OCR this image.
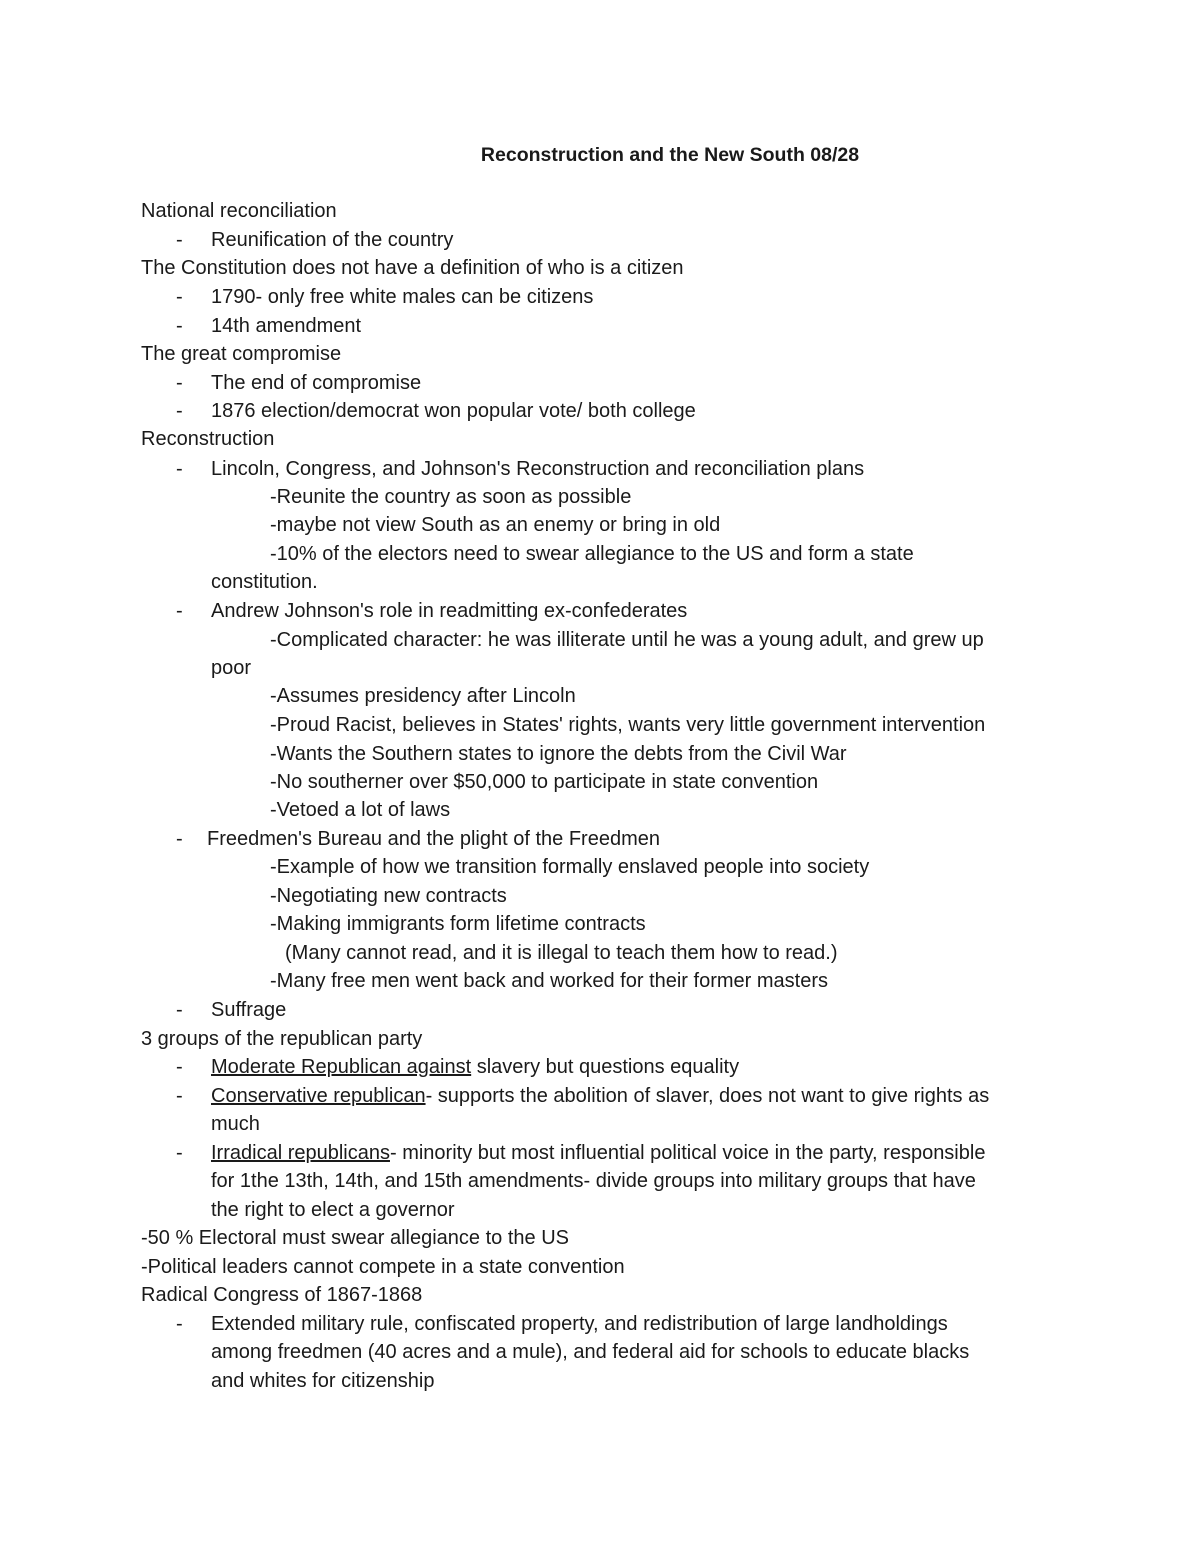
Reconstruction and the New South 08/28
National reconciliation
- Reunification of the country
The Constitution does not have a definition of who is a citizen
- 1790- only free white males can be citizens
- 14th amendment
The great compromise
- The end of compromise
- 1876 election/democrat won popular vote/ both college
Reconstruction
- Lincoln, Congress, and Johnson's Reconstruction and reconciliation plans
-Reunite the country as soon as possible
-maybe not view South as an enemy or bring in old
-10% of the electors need to swear allegiance to the US and form a state
constitution.
- Andrew Johnson's role in readmitting ex-confederates
-Complicated character: he was illiterate until he was a young adult, and grew up
poor
-Assumes presidency after Lincoln
-Proud Racist, believes in States' rights, wants very little government intervention
-Wants the Southern states to ignore the debts from the Civil War
-No southerner over $50,000 to participate in state convention
-Vetoed a lot of laws
- Freedmen's Bureau and the plight of the Freedmen
-Example of how we transition formally enslaved people into society
-Negotiating new contracts
-Making immigrants form lifetime contracts
(Many cannot read, and it is illegal to teach them how to read.)
-Many free men went back and worked for their former masters
- Suffrage
3 groups of the republican party
- Moderate Republican against slavery but questions equality
- Conservative republican- supports the abolition of slaver, does not want to give rights as
much
- Irradical republicans- minority but most influential political voice in the party, responsible
for 1the 13th, 14th, and 15th amendments- divide groups into military groups that have
the right to elect a governor
-50 % Electoral must swear allegiance to the US
-Political leaders cannot compete in a state convention
Radical Congress of 1867-1868
- Extended military rule, confiscated property, and redistribution of large landholdings
among freedmen (40 acres and a mule), and federal aid for schools to educate blacks
and whites for citizenship
